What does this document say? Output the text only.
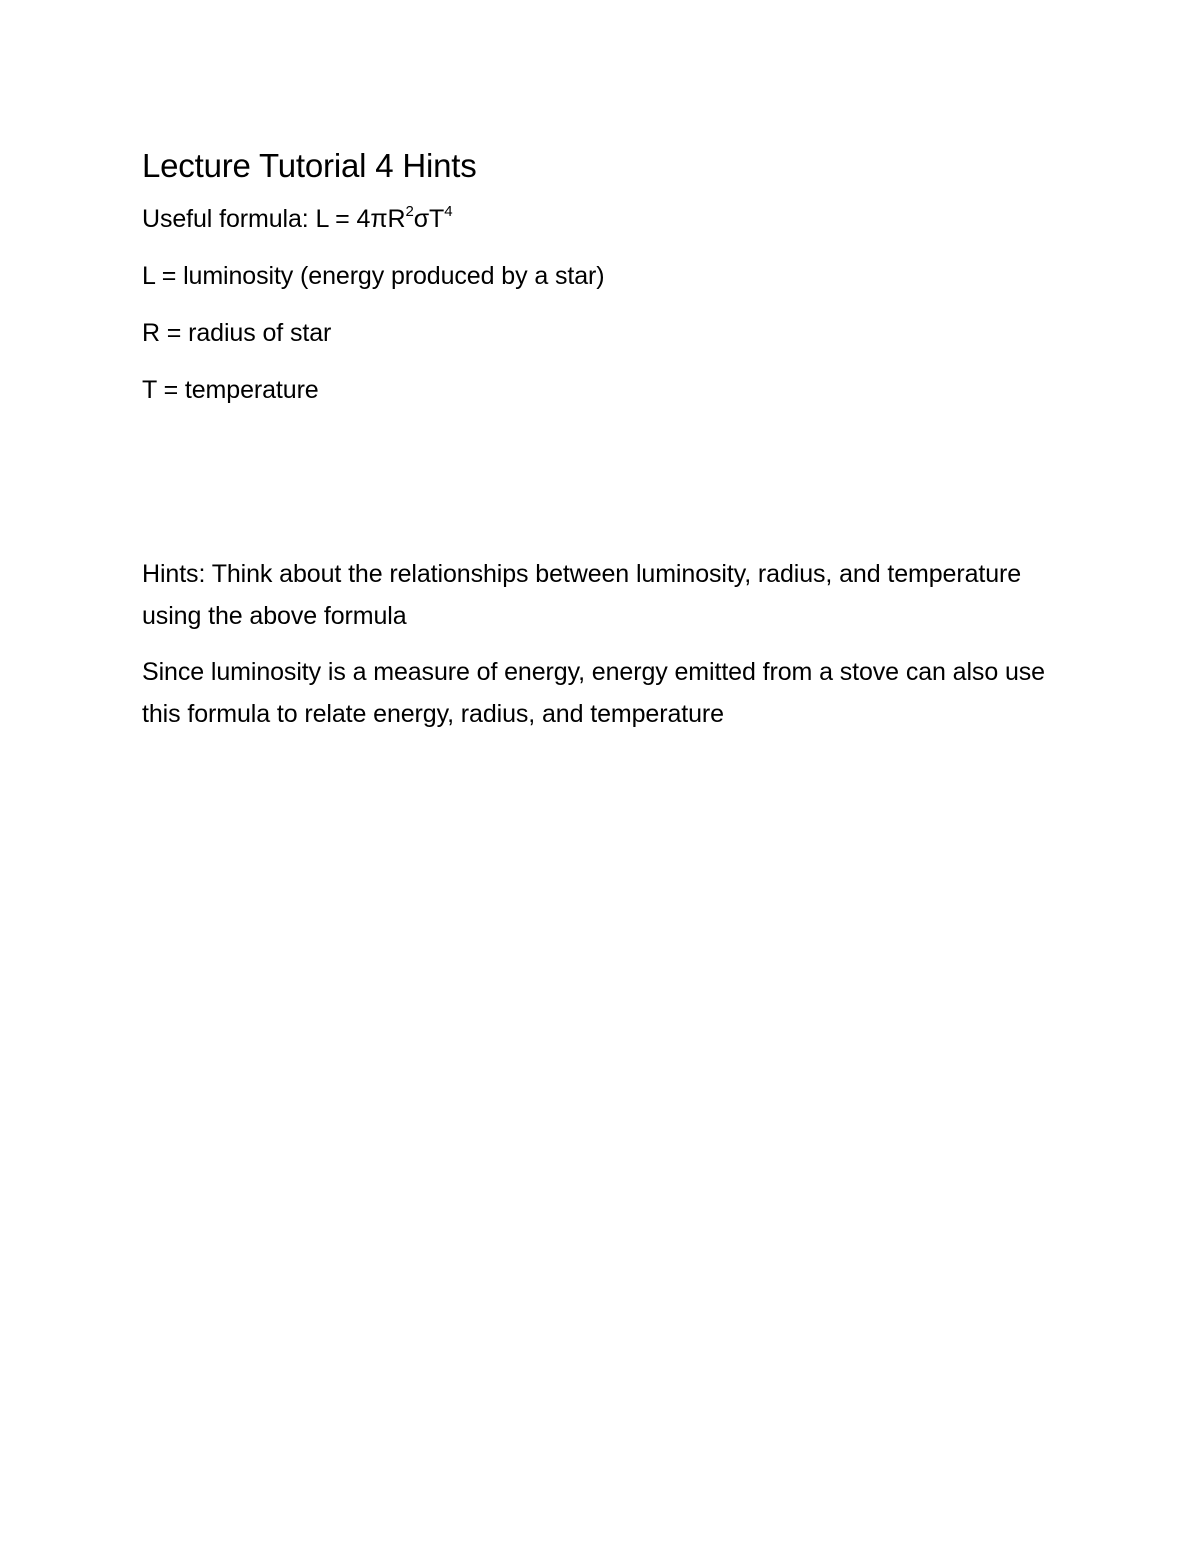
Lecture Tutorial 4 Hints

Useful formula: $L = 4\pi R^2\sigma T^4$

L = luminosity (energy produced by a star)

R = radius of star

T = temperature

Hints: Think about the relationships between luminosity, radius, and temperature using the above formula

Since luminosity is a measure of energy, energy emitted from a stove can also use this formula to relate energy, radius, and temperature
